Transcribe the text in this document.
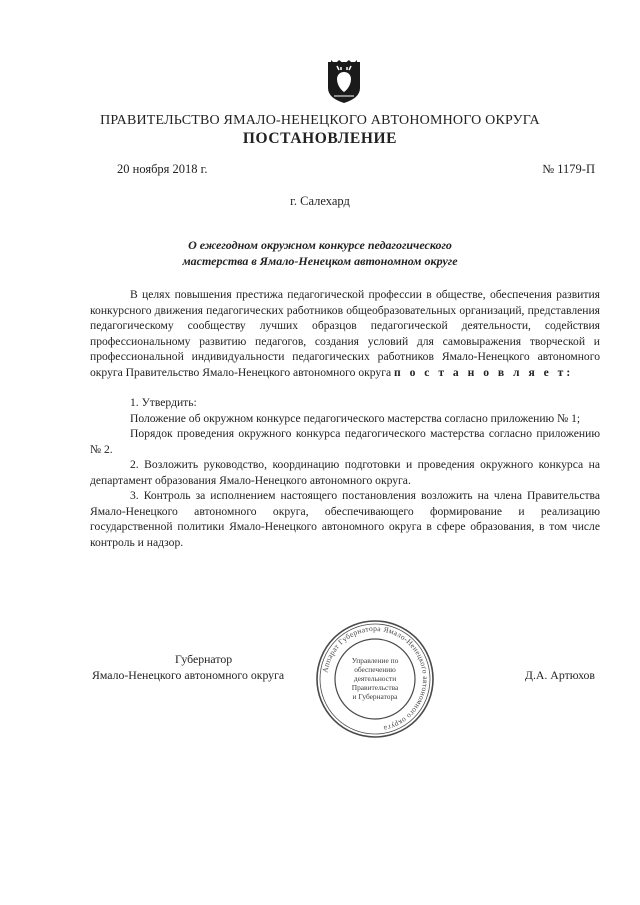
ПРАВИТЕЛЬСТВО ЯМАЛО-НЕНЕЦКОГО АВТОНОМНОГО ОКРУГА
ПОСТАНОВЛЕНИЕ
20 ноября 2018 г.	№ 1179-П
г. Салехард
О ежегодном окружном конкурсе педагогического
мастерства в Ямало-Ненецком автономном округе

В целях повышения престижа педагогической профессии в обществе, обеспечения развития конкурсного движения педагогических работников общеобразовательных организаций, представления педагогическому сообществу лучших образцов педагогической деятельности, содействия профессиональному развитию педагогов, создания условий для самовыражения творческой и профессиональной индивидуальности педагогических работников Ямало-Ненецкого автономного округа Правительство Ямало-Ненецкого автономного округа п о с т а н о в л я е т:

1. Утвердить:

Положение об окружном конкурсе педагогического мастерства согласно приложению № 1;

Порядок проведения окружного конкурса педагогического мастерства согласно приложению № 2.

2. Возложить руководство, координацию подготовки и проведения окружного конкурса на департамент образования Ямало-Ненецкого автономного округа.

3. Контроль за исполнением настоящего постановления возложить на члена Правительства Ямало-Ненецкого автономного округа, обеспечивающего формирование и реализацию государственной политики Ямало-Ненецкого автономного округа в сфере образования, в том числе контроль и надзор.

Губернатор
Ямало-Ненецкого автономного округа	Д.А. Артюхов
Аппарат Губернатора Ямало-Ненецкого автономного округа
Управление по
обеспечению
деятельности
Правительства
и Губернатора
